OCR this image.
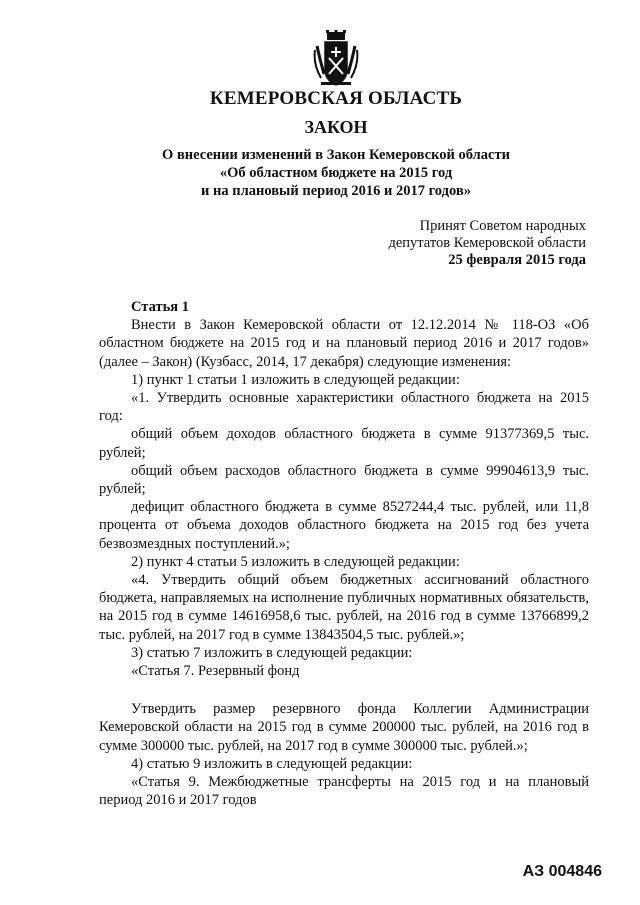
КЕМЕРОВСКАЯ ОБЛАСТЬ
ЗАКОН
О внесении изменений в Закон Кемеровской области
«Об областном бюджете на 2015 год
и на плановый период 2016 и 2017 годов»
Принят Советом народных
депутатов Кемеровской области
25 февраля 2015 года

Статья 1

Внести в Закон Кемеровской области от 12.12.2014 № 118-ОЗ «Об областном бюджете на 2015 год и на плановый период 2016 и 2017 годов» (далее – Закон) (Кузбасс, 2014, 17 декабря) следующие изменения:

1) пункт 1 статьи 1 изложить в следующей редакции:

«1. Утвердить основные характеристики областного бюджета на 2015 год:

общий объем доходов областного бюджета в сумме 91377369,5 тыс. рублей;

общий объем расходов областного бюджета в сумме 99904613,9 тыс. рублей;

дефицит областного бюджета в сумме 8527244,4 тыс. рублей, или 11,8 процента от объема доходов областного бюджета на 2015 год без учета безвозмездных поступлений.»;

2) пункт 4 статьи 5 изложить в следующей редакции:

«4. Утвердить общий объем бюджетных ассигнований областного бюджета, направляемых на исполнение публичных нормативных обязательств, на 2015 год в сумме 14616958,6 тыс. рублей, на 2016 год в сумме 13766899,2 тыс. рублей, на 2017 год в сумме 13843504,5 тыс. рублей.»;

3) статью 7 изложить в следующей редакции:

«Статья 7. Резервный фонд

Утвердить размер резервного фонда Коллегии Администрации Кемеровской области на 2015 год в сумме 200000 тыс. рублей, на 2016 год в сумме 300000 тыс. рублей, на 2017 год в сумме 300000 тыс. рублей.»;

4) статью 9 изложить в следующей редакции:

«Статья 9. Межбюджетные трансферты на 2015 год и на плановый период 2016 и 2017 годов

АЗ 004846
